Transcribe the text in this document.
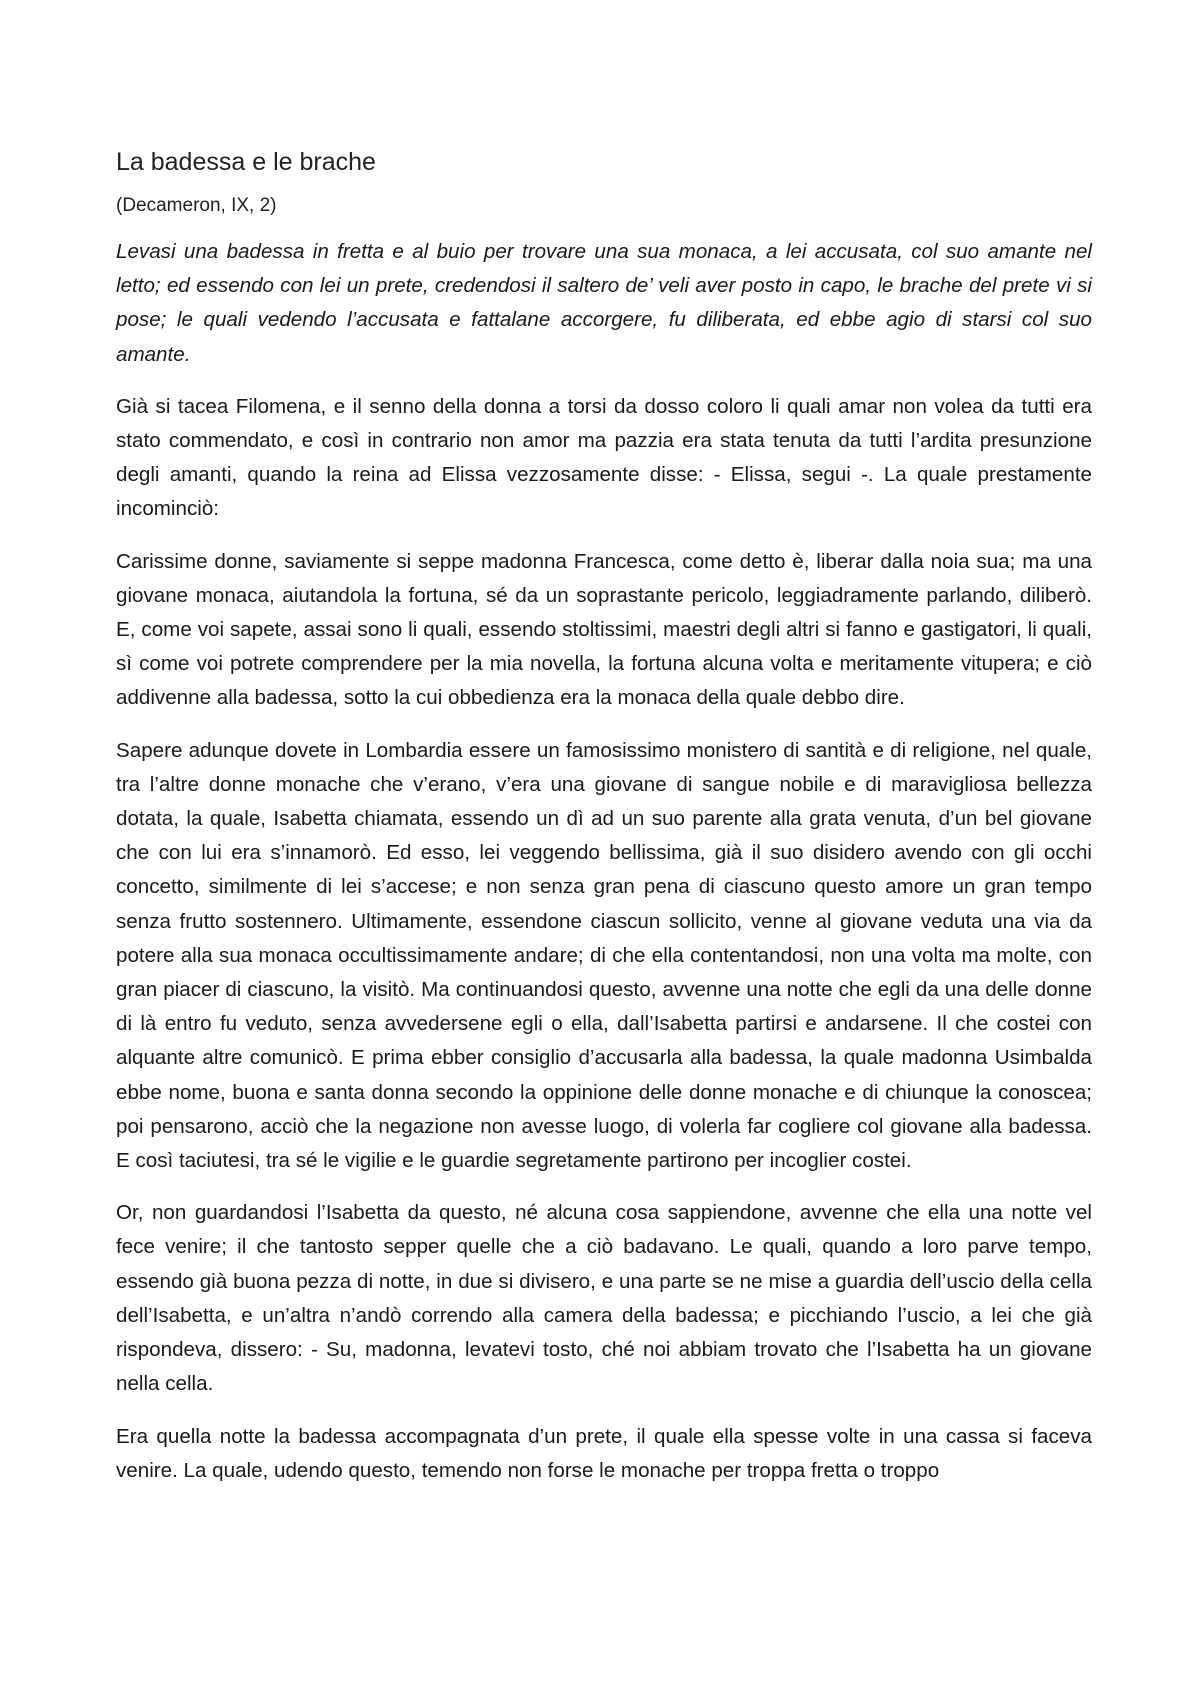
La badessa e le brache

(Decameron, IX, 2)

Levasi una badessa in fretta e al buio per trovare una sua monaca, a lei accusata, col suo amante nel letto; ed essendo con lei un prete, credendosi il saltero de’ veli aver posto in capo, le brache del prete vi si pose; le quali vedendo l’accusata e fattalane accorgere, fu diliberata, ed ebbe agio di starsi col suo amante.

Già si tacea Filomena, e il senno della donna a torsi da dosso coloro li quali amar non volea da tutti era stato commendato, e così in contrario non amor ma pazzia era stata tenuta da tutti l’ardita presunzione degli amanti, quando la reina ad Elissa vezzosamente disse: - Elissa, segui -. La quale prestamente incominciò:

Carissime donne, saviamente si seppe madonna Francesca, come detto è, liberar dalla noia sua; ma una giovane monaca, aiutandola la fortuna, sé da un soprastante pericolo, leggiadramente parlando, diliberò. E, come voi sapete, assai sono li quali, essendo stoltissimi, maestri degli altri si fanno e gastigatori, li quali, sì come voi potrete comprendere per la mia novella, la fortuna alcuna volta e meritamente vitupera; e ciò addivenne alla badessa, sotto la cui obbedienza era la monaca della quale debbo dire.

Sapere adunque dovete in Lombardia essere un famosissimo monistero di santità e di religione, nel quale, tra l’altre donne monache che v’erano, v’era una giovane di sangue nobile e di maravigliosa bellezza dotata, la quale, Isabetta chiamata, essendo un dì ad un suo parente alla grata venuta, d’un bel giovane che con lui era s’innamorò. Ed esso, lei veggendo bellissima, già il suo disidero avendo con gli occhi concetto, similmente di lei s’accese; e non senza gran pena di ciascuno questo amore un gran tempo senza frutto sostennero. Ultimamente, essendone ciascun sollicito, venne al giovane veduta una via da potere alla sua monaca occultissimamente andare; di che ella contentandosi, non una volta ma molte, con gran piacer di ciascuno, la visitò. Ma continuandosi questo, avvenne una notte che egli da una delle donne di là entro fu veduto, senza avvedersene egli o ella, dall’Isabetta partirsi e andarsene. Il che costei con alquante altre comunicò. E prima ebber consiglio d’accusarla alla badessa, la quale madonna Usimbalda ebbe nome, buona e santa donna secondo la oppinione delle donne monache e di chiunque la conoscea; poi pensarono, acciò che la negazione non avesse luogo, di volerla far cogliere col giovane alla badessa. E così taciutesi, tra sé le vigilie e le guardie segretamente partirono per incoglier costei.

Or, non guardandosi l’Isabetta da questo, né alcuna cosa sappiendone, avvenne che ella una notte vel fece venire; il che tantosto sepper quelle che a ciò badavano. Le quali, quando a loro parve tempo, essendo già buona pezza di notte, in due si divisero, e una parte se ne mise a guardia dell’uscio della cella dell’Isabetta, e un’altra n’andò correndo alla camera della badessa; e picchiando l’uscio, a lei che già rispondeva, dissero: - Su, madonna, levatevi tosto, ché noi abbiam trovato che l’Isabetta ha un giovane nella cella.

Era quella notte la badessa accompagnata d’un prete, il quale ella spesse volte in una cassa si faceva venire. La quale, udendo questo, temendo non forse le monache per troppa fretta o troppo
